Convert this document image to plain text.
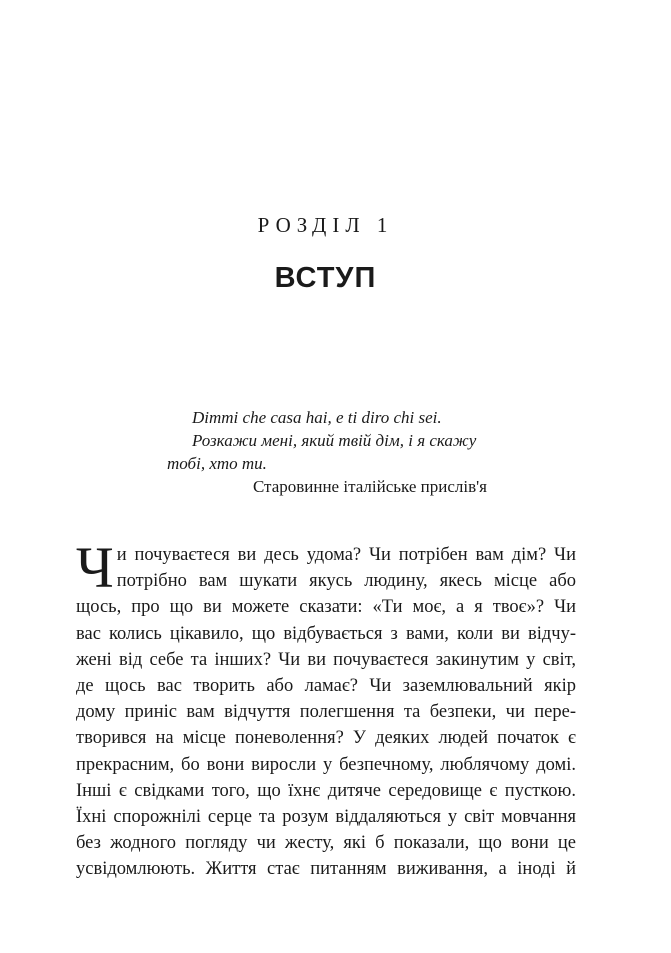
РОЗДІЛ 1
ВСТУП
Dimmi che casa hai, e ti diro chi sei.
Розкажи мені, який твій дім, і я скажу
тобі, хто ти.
Старовинне італійське прислів'я
Ч и почуваєтеся ви десь удома? Чи потрібен вам дім? Чи
потрібно вам шукати якусь людину, якесь місце або
щось, про що ви можете сказати: «Ти моє, а я твоє»? Чи
вас колись цікавило, що відбувається з вами, коли ви відчу-
жені від себе та інших? Чи ви почуваєтеся закинутим у світ,
де щось вас творить або ламає? Чи заземлювальний якір
дому приніс вам відчуття полегшення та безпеки, чи пере-
творився на місце поневолення? У деяких людей початок є
прекрасним, бо вони виросли у безпечному, люблячому домі.
Інші є свідками того, що їхнє дитяче середовище є пусткою.
Їхні спорожнілі серце та розум віддаляються у світ мовчання
без жодного погляду чи жесту, які б показали, що вони це
усвідомлюють. Життя стає питанням виживання, а іноді й
